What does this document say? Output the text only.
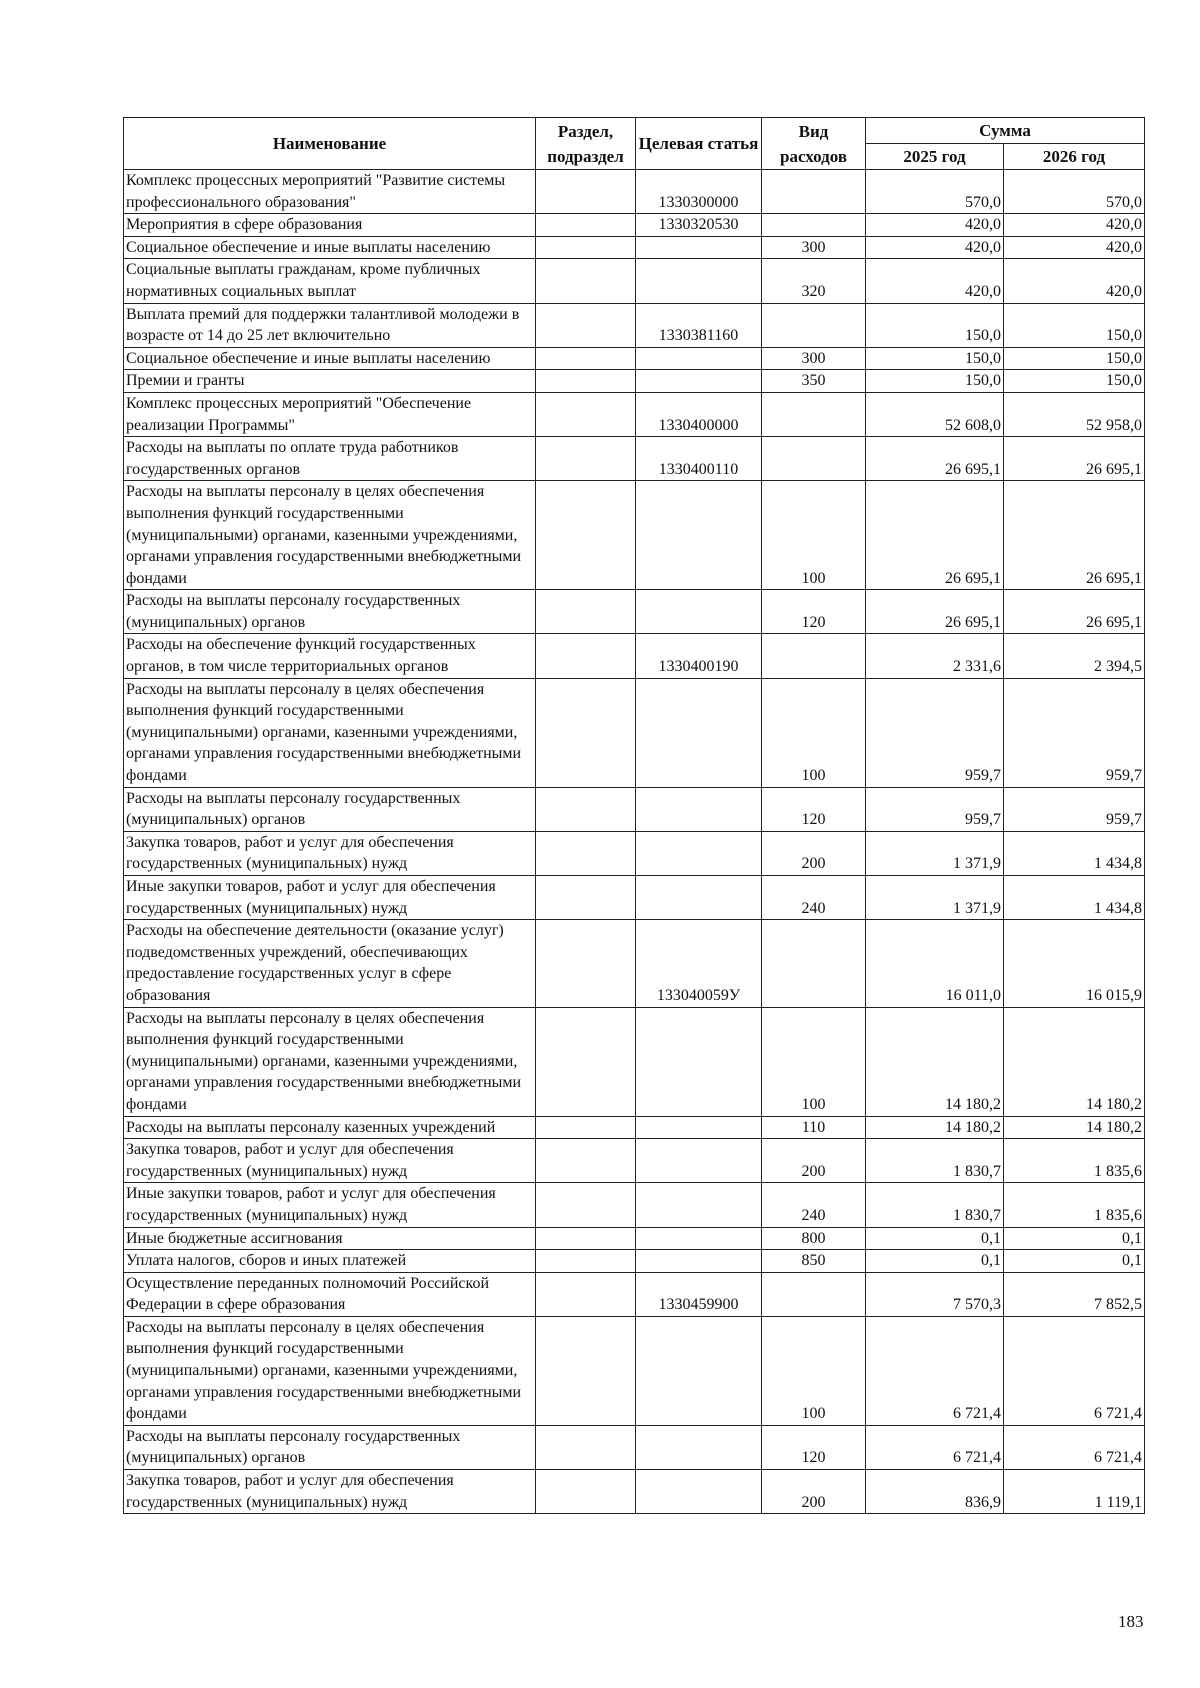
Наименование	Раздел, подраздел	Целевая статья	Вид расходов	Сумма	
				2025 год	2026 год
Комплекс процессных мероприятий "Развитие системы профессионального образования"		1330300000		570,0	570,0
Мероприятия в сфере образования		1330320530		420,0	420,0
Социальное обеспечение и иные выплаты населению			300	420,0	420,0
Социальные выплаты гражданам, кроме публичных нормативных социальных выплат			320	420,0	420,0
Выплата премий для поддержки талантливой молодежи в возрасте от 14 до 25 лет включительно		1330381160		150,0	150,0
Социальное обеспечение и иные выплаты населению			300	150,0	150,0
Премии и гранты			350	150,0	150,0
Комплекс процессных мероприятий "Обеспечение реализации Программы"		1330400000		52 608,0	52 958,0
Расходы на выплаты по оплате труда работников государственных органов		1330400110		26 695,1	26 695,1
Расходы на выплаты персоналу в целях обеспечения выполнения функций государственными (муниципальными) органами, казенными учреждениями, органами управления государственными внебюджетными фондами			100	26 695,1	26 695,1
Расходы на выплаты персоналу государственных (муниципальных) органов			120	26 695,1	26 695,1
Расходы на обеспечение функций государственных органов, в том числе территориальных органов		1330400190		2 331,6	2 394,5
Расходы на выплаты персоналу в целях обеспечения выполнения функций государственными (муниципальными) органами, казенными учреждениями, органами управления государственными внебюджетными фондами			100	959,7	959,7
Расходы на выплаты персоналу государственных (муниципальных) органов			120	959,7	959,7
Закупка товаров, работ и услуг для обеспечения государственных (муниципальных) нужд			200	1 371,9	1 434,8
Иные закупки товаров, работ и услуг для обеспечения государственных (муниципальных) нужд			240	1 371,9	1 434,8
Расходы на обеспечение деятельности (оказание услуг) подведомственных учреждений, обеспечивающих предоставление государственных услуг в сфере образования		133040059У		16 011,0	16 015,9
Расходы на выплаты персоналу в целях обеспечения выполнения функций государственными (муниципальными) органами, казенными учреждениями, органами управления государственными внебюджетными фондами			100	14 180,2	14 180,2
Расходы на выплаты персоналу казенных учреждений			110	14 180,2	14 180,2
Закупка товаров, работ и услуг для обеспечения государственных (муниципальных) нужд			200	1 830,7	1 835,6
Иные закупки товаров, работ и услуг для обеспечения государственных (муниципальных) нужд			240	1 830,7	1 835,6
Иные бюджетные ассигнования			800	0,1	0,1
Уплата налогов, сборов и иных платежей			850	0,1	0,1
Осуществление переданных полномочий Российской Федерации в сфере образования		1330459900		7 570,3	7 852,5
Расходы на выплаты персоналу в целях обеспечения выполнения функций государственными (муниципальными) органами, казенными учреждениями, органами управления государственными внебюджетными фондами			100	6 721,4	6 721,4
Расходы на выплаты персоналу государственных (муниципальных) органов			120	6 721,4	6 721,4
Закупка товаров, работ и услуг для обеспечения государственных (муниципальных) нужд			200	836,9	1 119,1
183
